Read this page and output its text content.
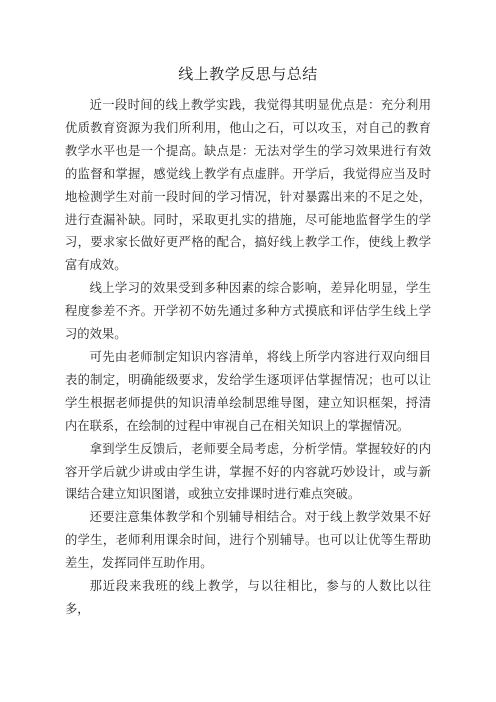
线上教学反思与总结

近一段时间的线上教学实践，我觉得其明显优点是：充分利用优质教育资源为我们所利用，他山之石，可以攻玉，对自己的教育教学水平也是一个提高。缺点是：无法对学生的学习效果进行有效的监督和掌握，感觉线上教学有点虚胖。开学后，我觉得应当及时地检测学生对前一段时间的学习情况，针对暴露出来的不足之处，进行查漏补缺。同时，采取更扎实的措施，尽可能地监督学生的学习，要求家长做好更严格的配合，搞好线上教学工作，使线上教学富有成效。

线上学习的效果受到多种因素的综合影响，差异化明显，学生程度参差不齐。开学初不妨先通过多种方式摸底和评估学生线上学习的效果。

可先由老师制定知识内容清单，将线上所学内容进行双向细目表的制定，明确能级要求，发给学生逐项评估掌握情况；也可以让学生根据老师提供的知识清单绘制思维导图，建立知识框架，捋清内在联系，在绘制的过程中审视自己在相关知识上的掌握情况。

拿到学生反馈后，老师要全局考虑，分析学情。掌握较好的内容开学后就少讲或由学生讲，掌握不好的内容就巧妙设计，或与新课结合建立知识图谱，或独立安排课时进行难点突破。

还要注意集体教学和个别辅导相结合。对于线上教学效果不好的学生，老师利用课余时间，进行个别辅导。也可以让优等生帮助差生，发挥同伴互助作用。

那近段来我班的线上教学，与以往相比，参与的人数比以往多，
